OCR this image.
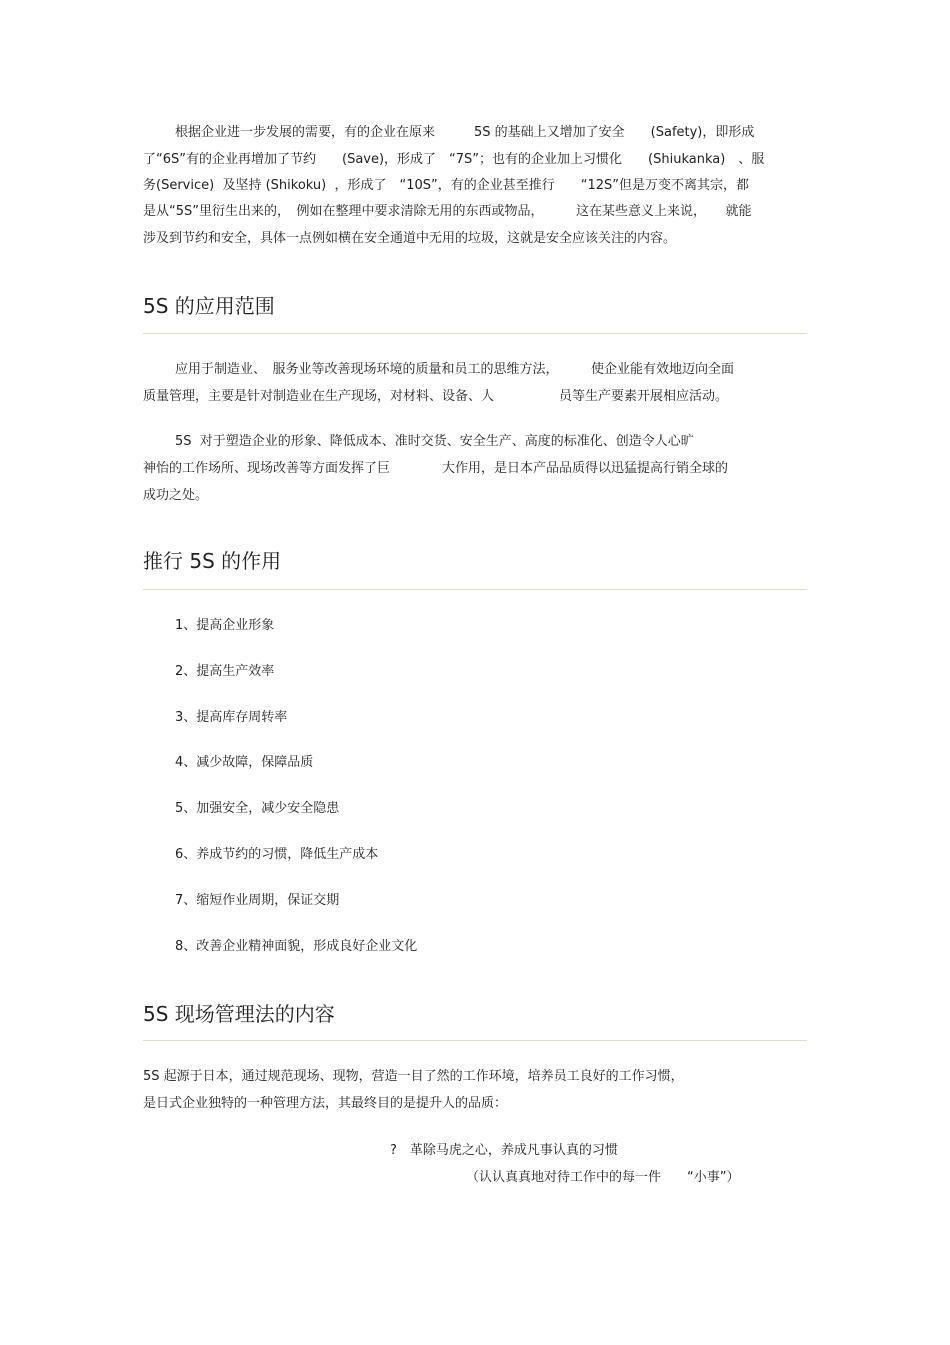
根据企业进一步发展的需要，有的企业在原来　　　5S 的基础上又增加了安全　　(Safety)，即形成
了“6S”有的企业再增加了节约　　(Save)，形成了　“7S”；也有的企业加上习惯化　　(Shiukanka)　、服
务(Service)  及坚持 (Shikoku)  ，形成了　“10S”，有的企业甚至推行　　“12S”但是万变不离其宗，都
是从“5S”里衍生出来的，　例如在整理中要求清除无用的东西或物品，　　　这在某些意义上来说，　　就能
涉及到节约和安全，具体一点例如横在安全通道中无用的垃圾，这就是安全应该关注的内容。
5S 的应用范围
应用于制造业、　服务业等改善现场环境的质量和员工的思维方法，　　　使企业能有效地迈向全面
质量管理，主要是针对制造业在生产现场，对材料、设备、人　　　　　员等生产要素开展相应活动。
5S  对于塑造企业的形象、降低成本、准时交货、安全生产、高度的标准化、创造令人心旷
神怡的工作场所、现场改善等方面发挥了巨　　　　大作用，是日本产品品质得以迅猛提高行销全球的
成功之处。
推行 5S 的作用
1、提高企业形象
2、提高生产效率
3、提高库存周转率
4、减少故障，保障品质
5、加强安全，减少安全隐患
6、养成节约的习惯，降低生产成本
7、缩短作业周期，保证交期
8、改善企业精神面貌，形成良好企业文化
5S 现场管理法的内容
5S 起源于日本，通过规范现场、现物，营造一目了然的工作环境，培养员工良好的工作习惯，
是日式企业独特的一种管理方法，其最终目的是提升人的品质：
?　革除马虎之心，养成凡事认真的习惯
（认认真真地对待工作中的每一件　　“小事”）
